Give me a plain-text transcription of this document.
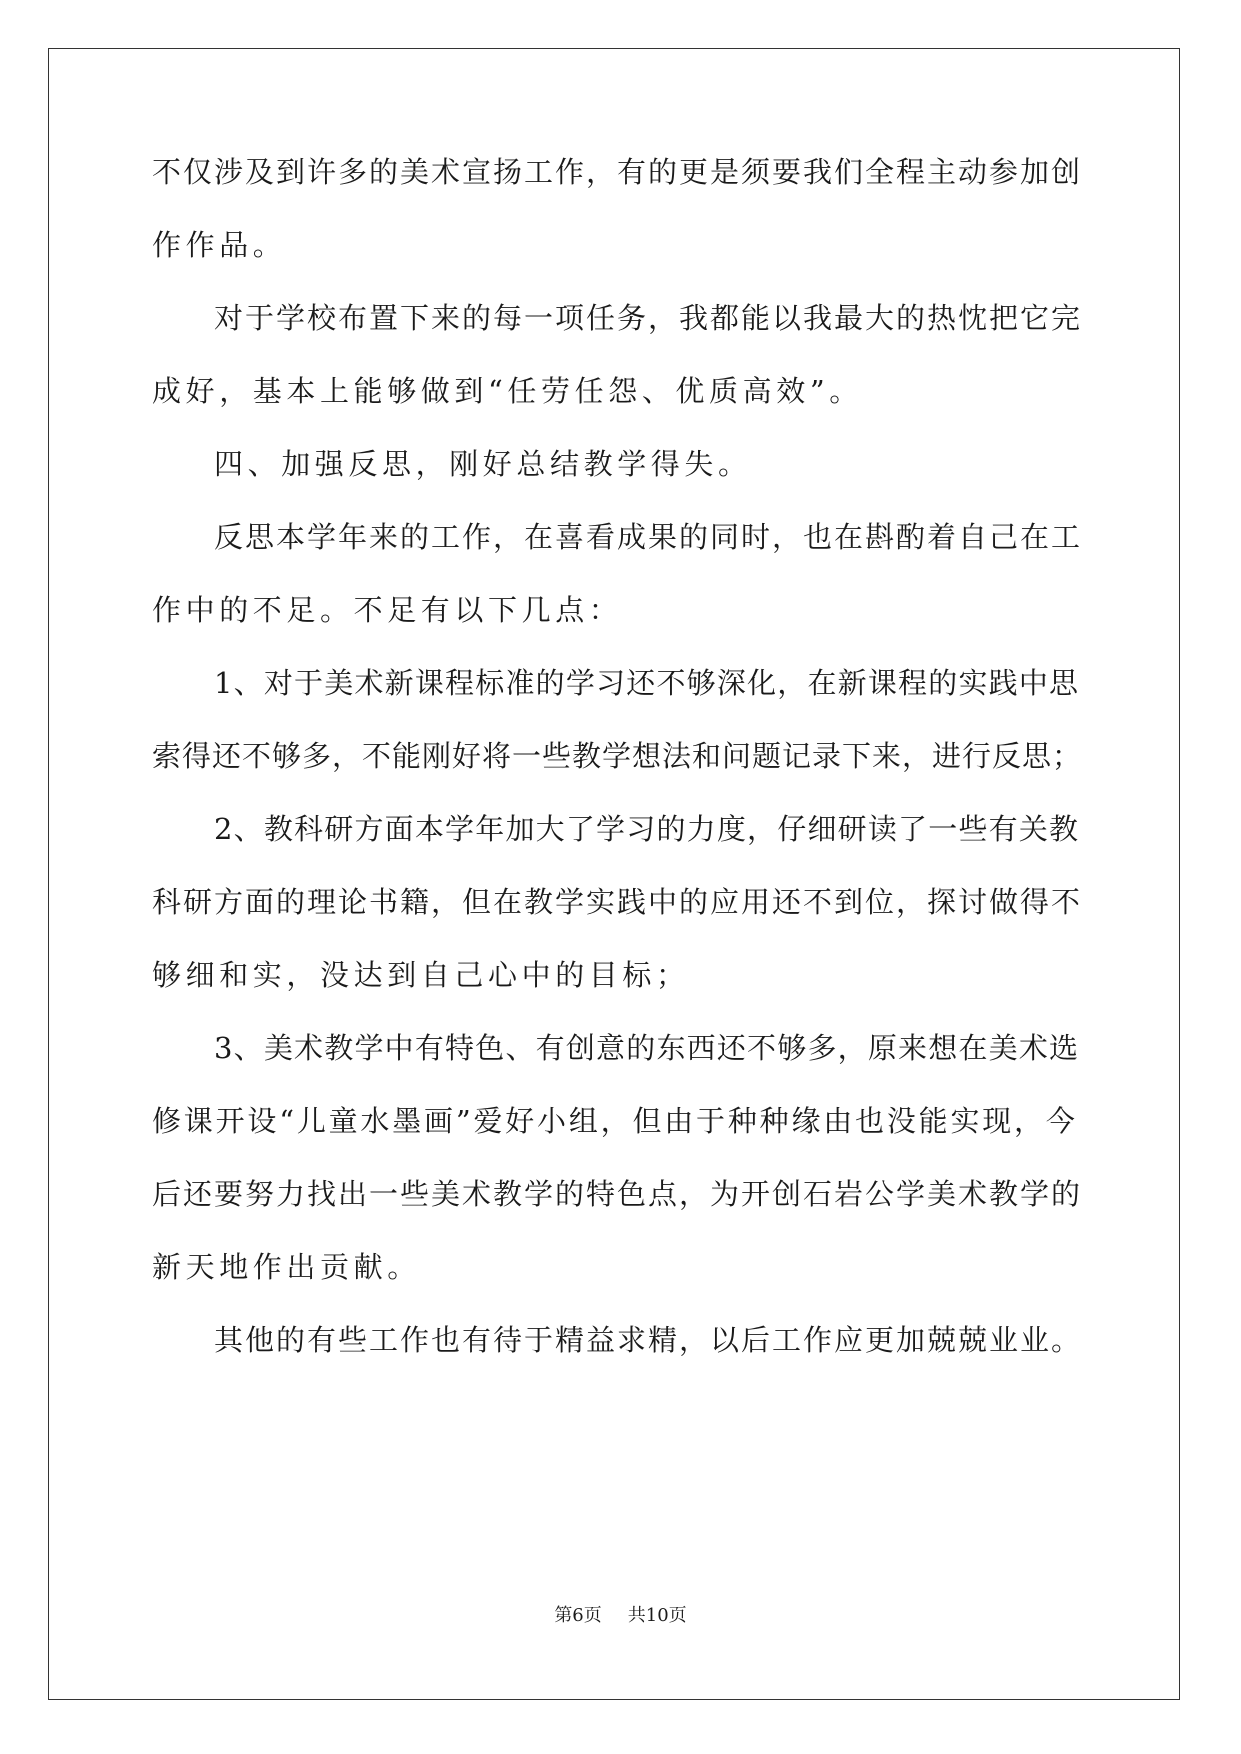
不仅涉及到许多的美术宣扬工作，有的更是须要我们全程主动参加创
作作品。
对于学校布置下来的每一项任务，我都能以我最大的热忱把它完
成好，基本上能够做到“任劳任怨、优质高效”。
四、加强反思，刚好总结教学得失。
反思本学年来的工作，在喜看成果的同时，也在斟酌着自己在工
作中的不足。不足有以下几点：
1、对于美术新课程标准的学习还不够深化，在新课程的实践中思
索得还不够多，不能刚好将一些教学想法和问题记录下来，进行反思；
2、教科研方面本学年加大了学习的力度，仔细研读了一些有关教
科研方面的理论书籍，但在教学实践中的应用还不到位，探讨做得不
够细和实，没达到自己心中的目标；
3、美术教学中有特色、有创意的东西还不够多，原来想在美术选
修课开设“儿童水墨画”爱好小组，但由于种种缘由也没能实现，今
后还要努力找出一些美术教学的特色点，为开创石岩公学美术教学的
新天地作出贡献。
其他的有些工作也有待于精益求精，以后工作应更加兢兢业业。
第6页 共10页
